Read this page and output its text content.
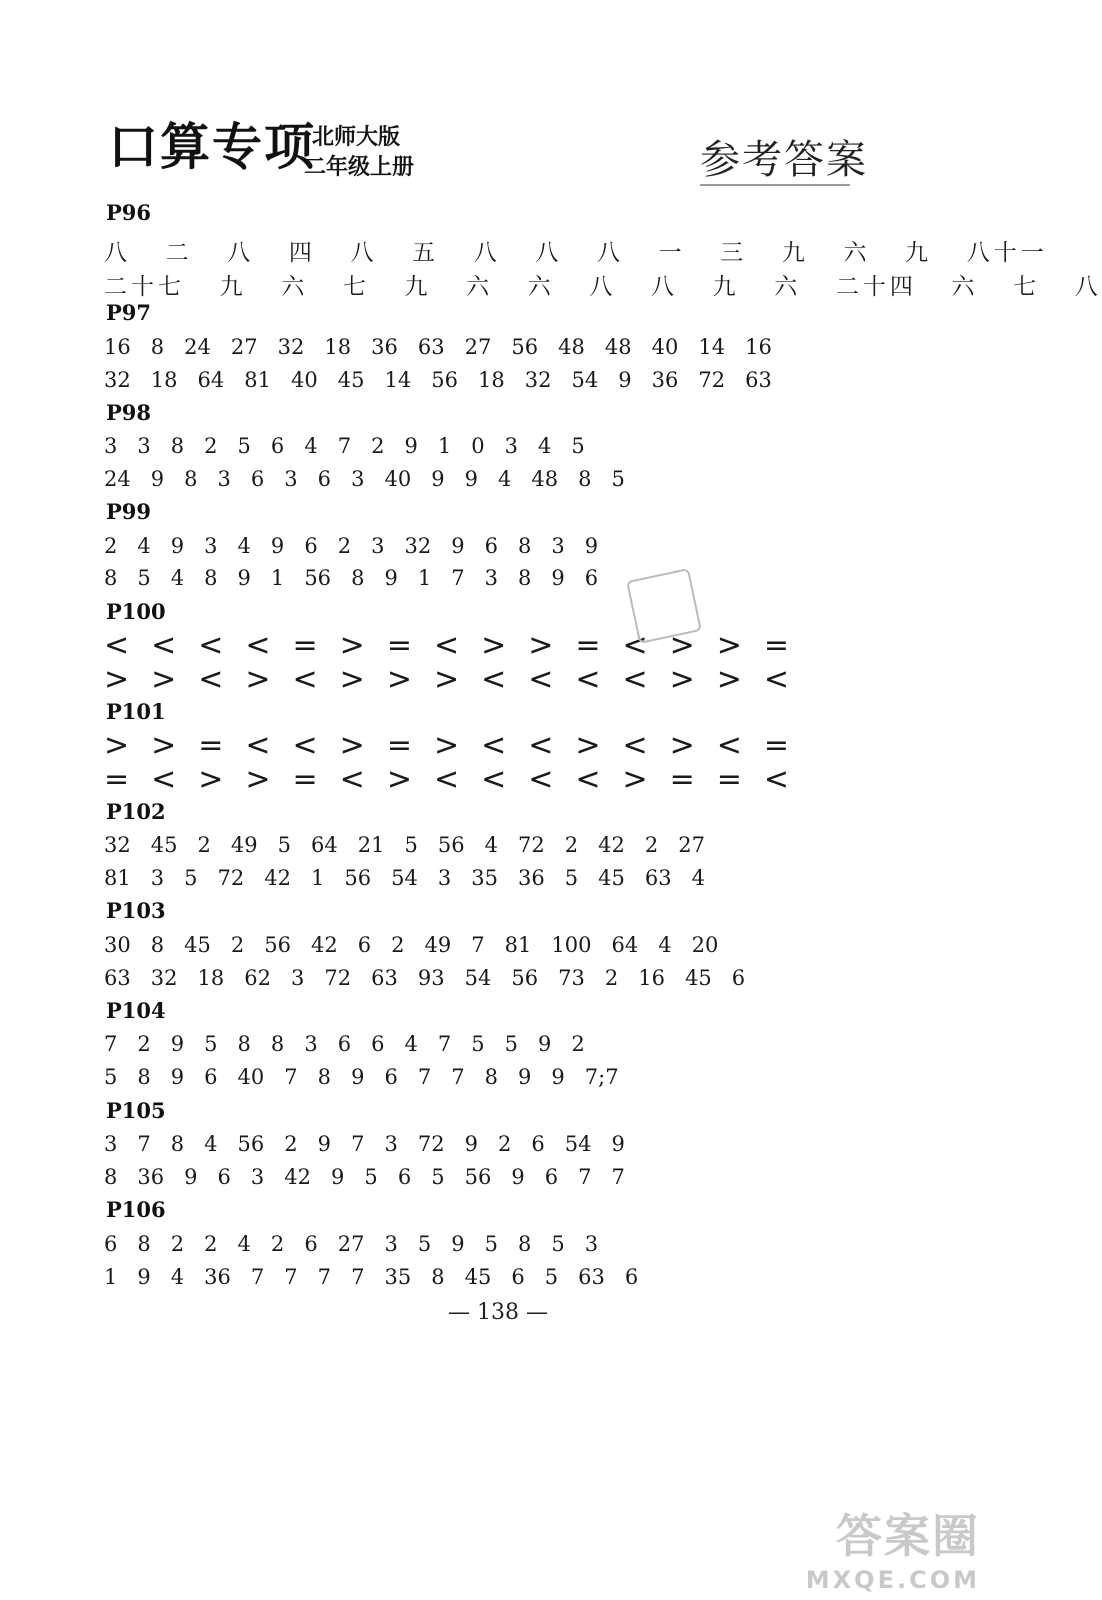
口算专项
北师大版
二年级上册	参考答案
P96
八  二  八  四  八  五  八  八  八  一  三  九  六  九  八十一
二十七  九  六  七  九  六  六  八  八  九  六  二十四  六  七  八
P97
16   8   24   27   32   18   36   63   27   56   48   48   40   14   16
32   18   64   81   40   45   14   56   18   32   54   9   36   72   63
P98
3   3   8   2   5   6   4   7   2   9   1   0   3   4   5
24   9   8   3   6   3   6   3   40   9   9   4   48   8   5
P99
2   4   9   3   4   9   6   2   3   32   9   6   8   3   9
8   5   4   8   9   1   56   8   9   1   7   3   8   9   6
P100
<<<<=>=<>>=<>>=
>><><>>><<<<>><
P101
>>=<<>=><<><><=
=<>>=<><<<<>==<
P102
32   45   2   49   5   64   21   5   56   4   72   2   42   2   27
81   3   5   72   42   1   56   54   3   35   36   5   45   63   4
P103
30   8   45   2   56   42   6   2   49   7   81   100   64   4   20
63   32   18   62   3   72   63   93   54   56   73   2   16   45   6
P104
7   2   9   5   8   8   3   6   6   4   7   5   5   9   2
5   8   9   6   40   7   8   9   6   7   7   8   9   9   7;7
P105
3   7   8   4   56   2   9   7   3   72   9   2   6   54   9
8   36   9   6   3   42   9   5   6   5   56   9   6   7   7
P106
6   8   2   2   4   2   6   27   3   5   9   5   8   5   3
1   9   4   36   7   7   7   7   35   8   45   6   5   63   6
— 138 —
答案圈
MXQE.COM
